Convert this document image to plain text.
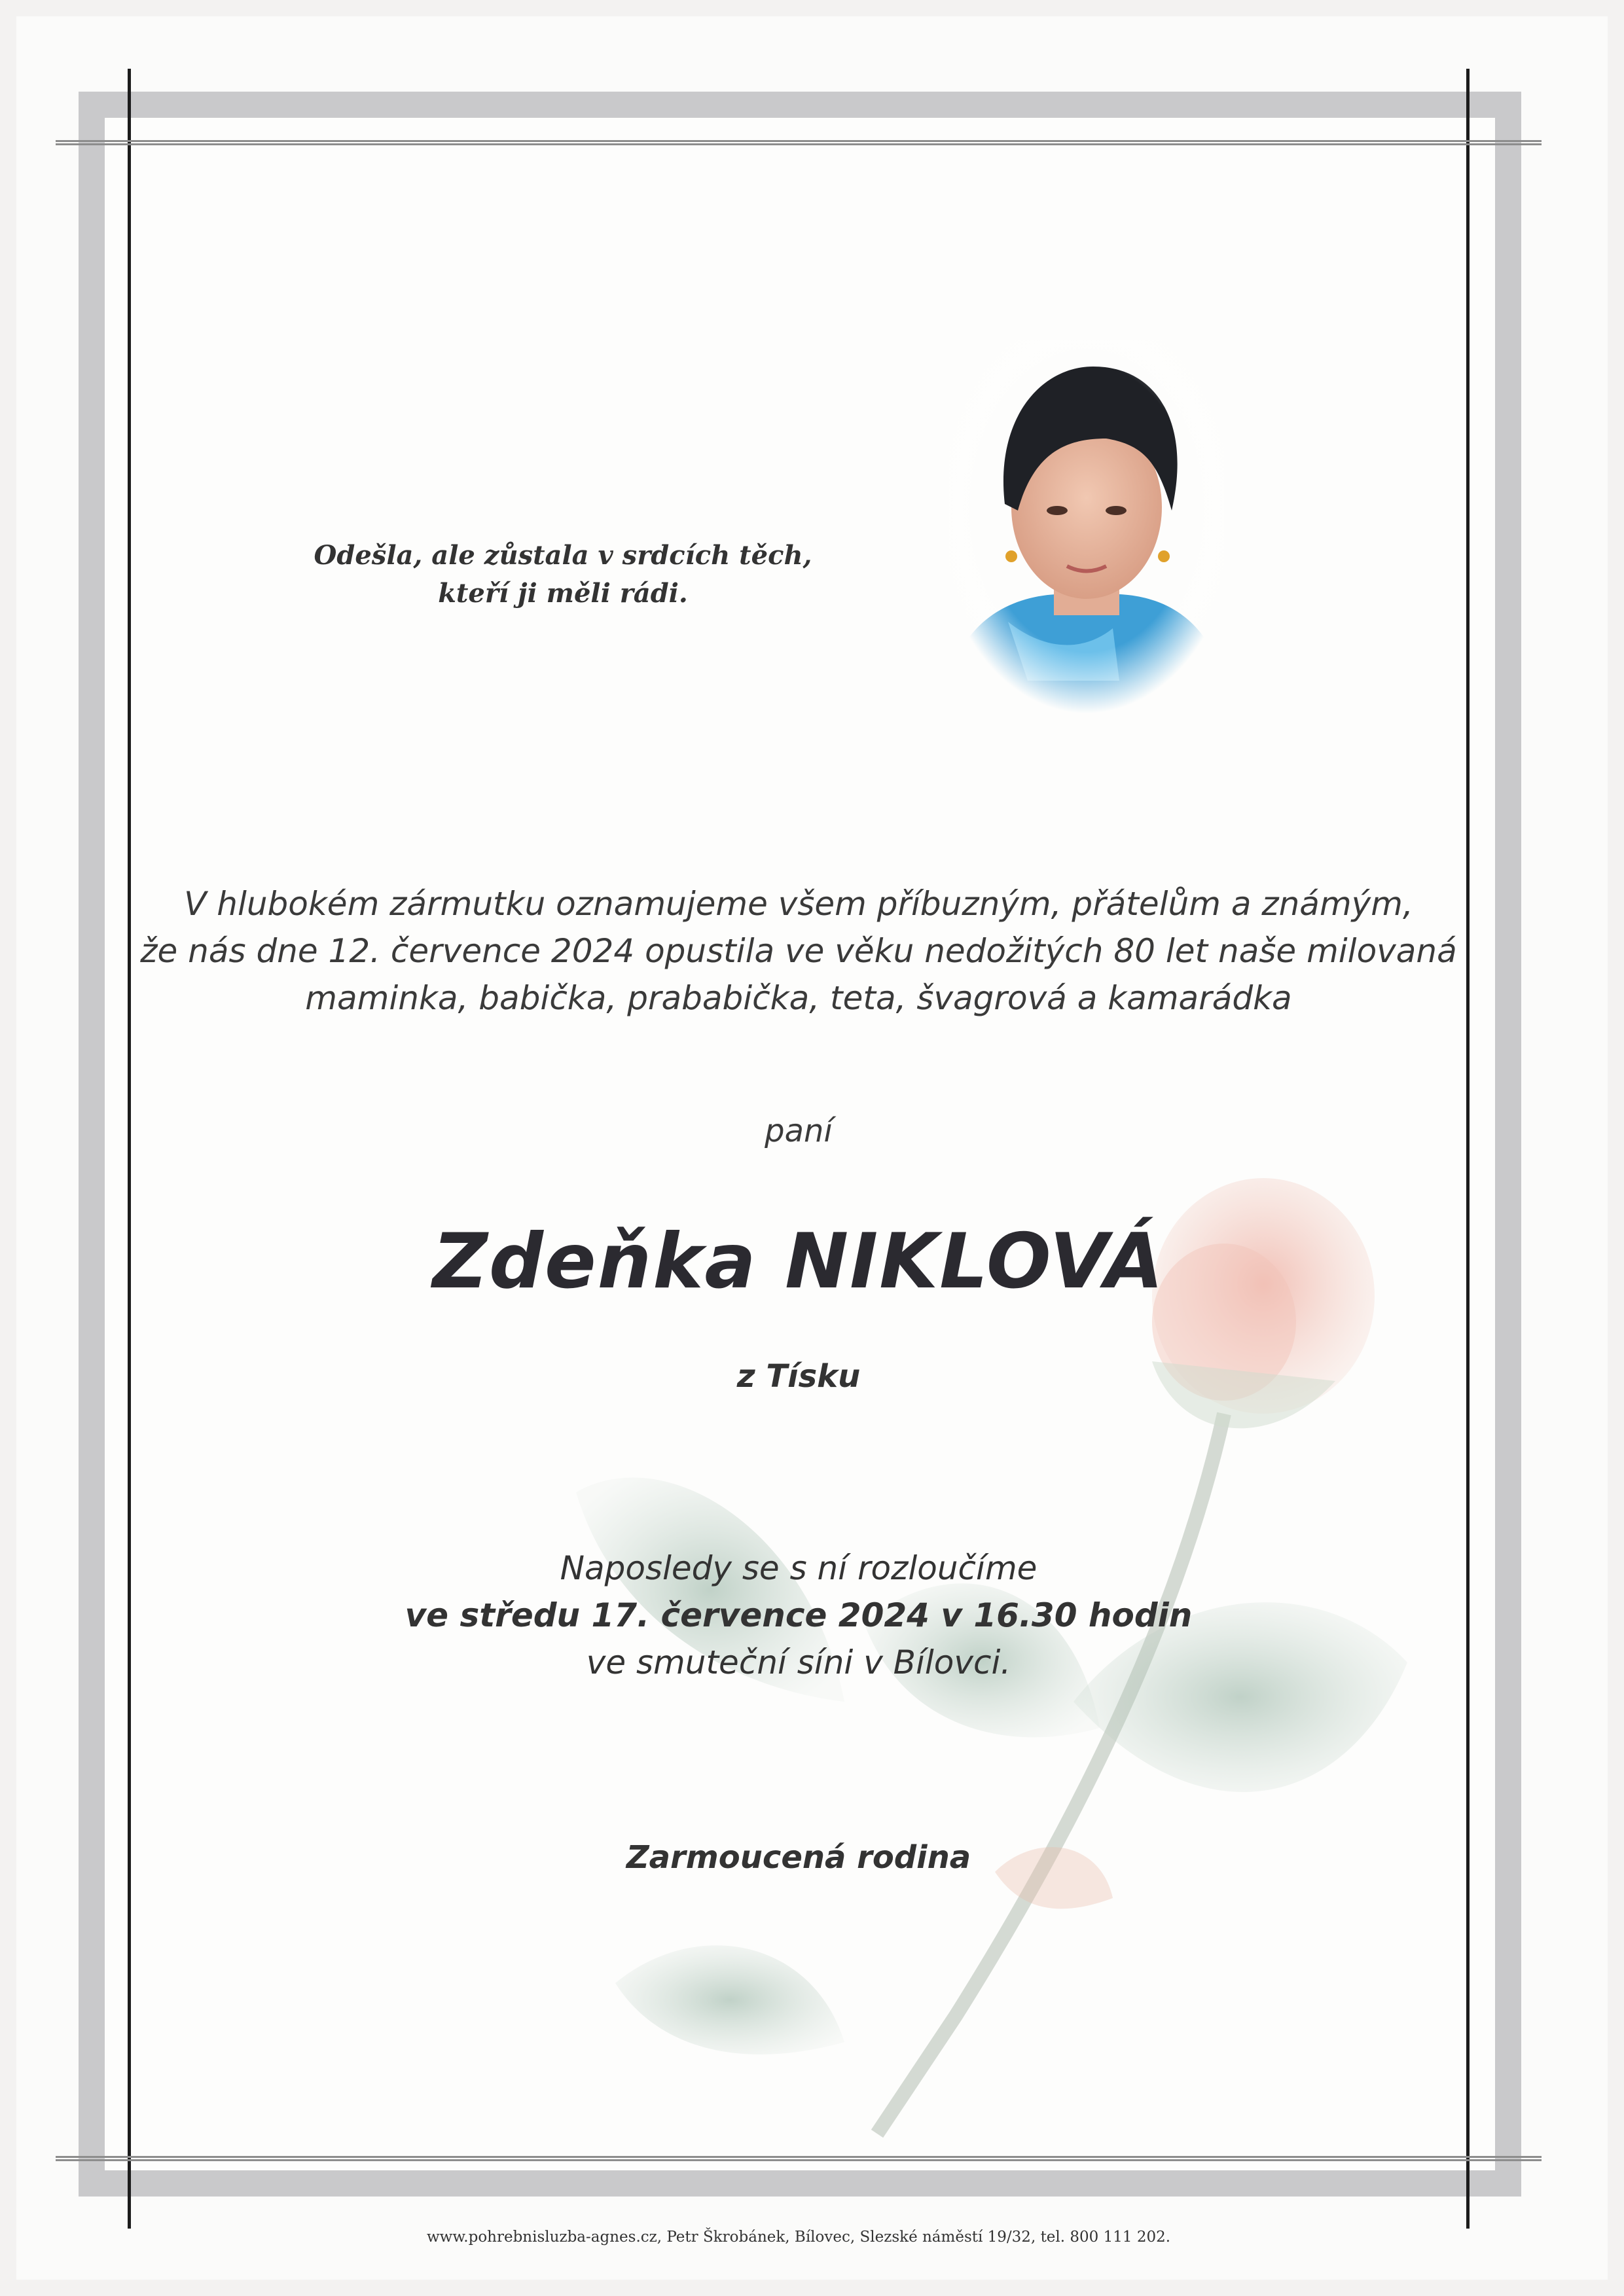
Odešla, ale zůstala v srdcích těch,
kteří ji měli rádi.
V hlubokém zármutku oznamujeme všem příbuzným, přátelům a známým,
že nás dne 12. července 2024 opustila ve věku nedožitých 80 let naše milovaná
maminka, babička, prababička, teta, švagrová a kamarádka
paní
Zdeňka NIKLOVÁ
z Tísku
Naposledy se s ní rozloučíme
ve středu 17. července 2024 v 16.30 hodin
ve smuteční síni v Bílovci.
Zarmoucená rodina
www.pohrebnisluzba-agnes.cz, Petr Škrobánek, Bílovec, Slezské náměstí 19/32, tel. 800 111 202.
